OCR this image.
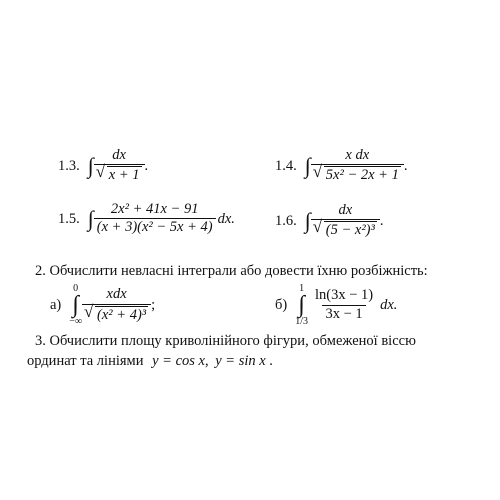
1.3. ∫ dx
√ x + 1 .	1.4. ∫ x dx
√ 5x² − 2x + 1 .
1.5. ∫ $\frac{\text{2x² + 41x − 91}}{\text{(x + 3)(x² − 5x + 4)}}$ dx.	1.6. ∫ dx
√ (5 − x²)³ .
2. Обчислити невласні інтеграли або довести їхню розбіжність:
а)
0
∫
−∞ xdx
√ (x² + 4)³ ;	б)
1
∫
$1/3 \frac{\ln(3x - 1)}{3x - 1}$ dx.
3. Обчислити площу криволінійного фігури, обмеженої віссю
ординат та лініями y = cos x, y = sin x .
